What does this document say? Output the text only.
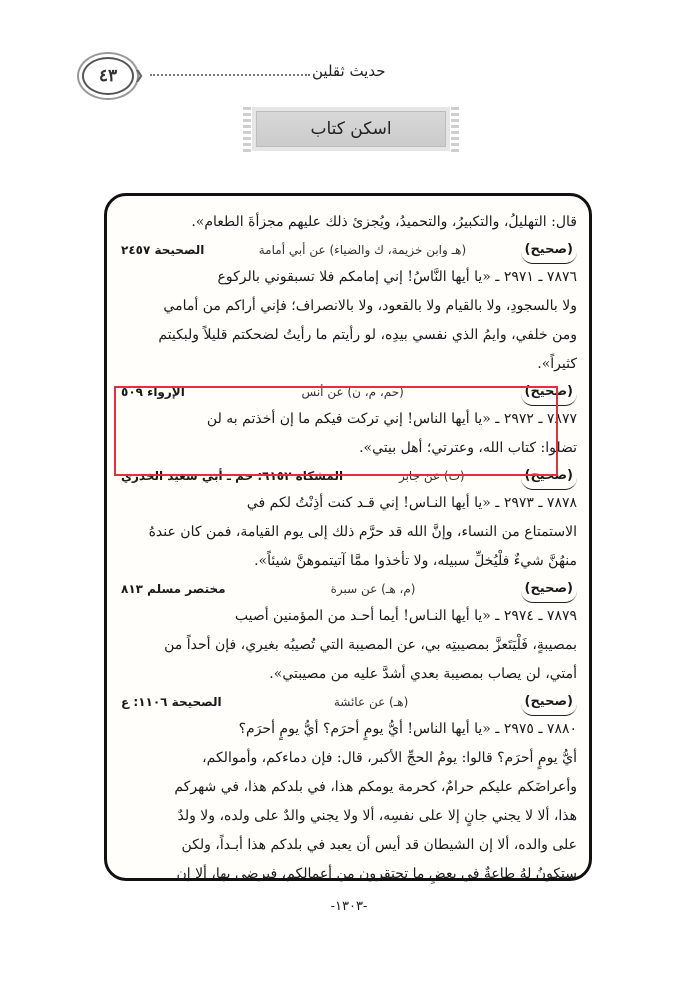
٤٣	❯	حديث ثقلين
اسکن کتاب
قال: التهليلُ، والتكبيرُ، والتحميدُ، ويُجزئ ذلك عليهم مجزأةَ الطعام».
(صحيح)
(هـ وابن خزيمة، ك والضياء) عن أبي أمامة
الصحيحة ٢٤٥٧
٧٨٧٦ ـ ٢٩٧١ ـ «يا أيها النَّاسُ! إني إمامكم فلا تسبقوني بالركوع
ولا بالسجودِ، ولا بالقيام ولا بالقعود، ولا بالانصراف؛ فإني أراكم من أمامي
ومن خلفي، وايمُ الذي نفسي بيدِه، لو رأيتم ما رأيتُ لضحكتم قليلاً ولبكيتم
كثيراً».
(صحيح)
(حم، م، ن) عن أنس
الإرواء ٥٠٩
٧٨٧٧ ـ ٢٩٧٢ ـ «يا أيها الناس! إني تركت فيكم ما إن أخذتم به لن
تضلوا: كتاب الله، وعترتي؛ أهل بيتي».
(صحيح)
(ت) عن جابر
المشكاة ٦١٥٢: حم ـ أبي سعيد الخدري
٧٨٧٨ ـ ٢٩٧٣ ـ «يا أيها النـاس! إني قـد كنت أذِنْتُ لكم في
الاستمتاع من النساء، وإنَّ الله قد حرَّم ذلك إلى يوم القيامة، فمن كان عندهُ
منهُنَّ شيءٌ فلْيُخلِّ سبيله، ولا تأخذوا ممَّا آتيتموهنَّ شيئاً».
(صحيح)
(م، هـ) عن سبرة
مختصر مسلم ٨١٣
٧٨٧٩ ـ ٢٩٧٤ ـ «يا أيها النـاس! أيما أحـد من المؤمنين أصيب
بمصيبةٍ، فَلْيَتَعزَّ بمصيبتِه بي، عن المصيبة التي تُصيبُه بغيري، فإن أحداً من
أمتي، لن يصاب بمصيبة بعدي أشدَّ عليه من مصيبتي».
(صحيح)
(هـ) عن عائشة
الصحيحة ١١٠٦: ع
٧٨٨٠ ـ ٢٩٧٥ ـ «يا أيها الناس! أيُّ يومٍ أحرَم؟ أيُّ يومٍ أحرَم؟
أيُّ يومٍ أحرَم؟ قالوا: يومُ الحجِّ الأكبر، قال: فإن دماءكم، وأموالكم،
وأعراضَكم عليكم حرامٌ، كحرمة يومكم هذا، في بلدكم هذا، في شهركم
هذا، ألا لا يجني جانٍ إلا على نفسِه، ألا ولا يجني والدٌ على ولده، ولا ولدٌ
على والده، ألا إن الشيطان قد أيس أن يعبد في بلدكم هذا أبـداً، ولكن
ستكونُ لهُ طاعةٌ في بعضِ ما تحتقرون من أعمالكم، فيرضى بها، ألا إن
-١٣٠٣-
